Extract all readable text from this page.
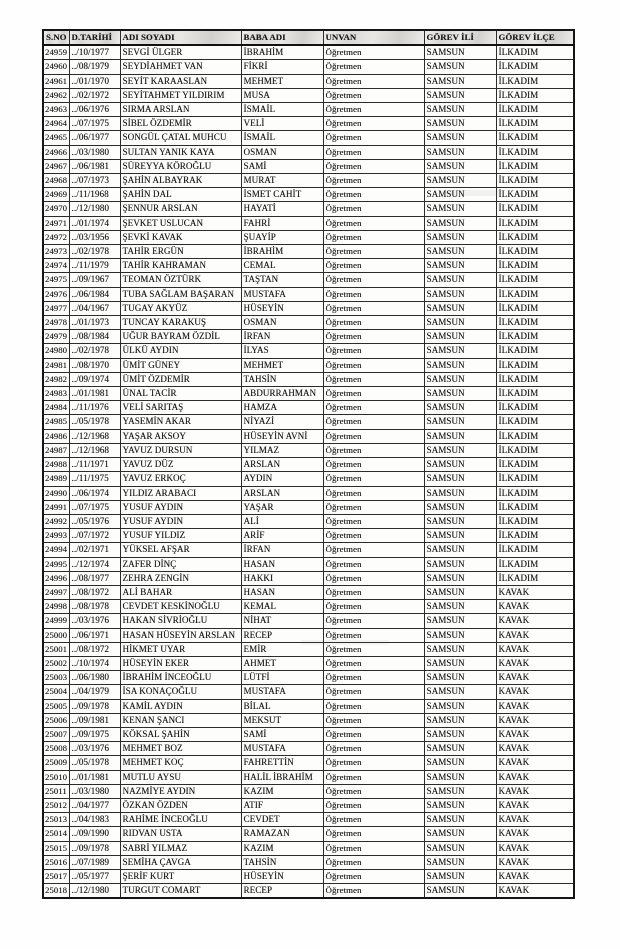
S.NO	D.TARİHİ	ADI SOYADI	BABA ADI	UNVAN	GÖREV İLİ	GÖREV İLÇE
24959	../10/1977	SEVGİ ÜLGER	İBRAHİM	Öğretmen	SAMSUN	İLKADIM
24960	../08/1979	SEYDİAHMET VAN	FİKRİ	Öğretmen	SAMSUN	İLKADIM
24961	../01/1970	SEYİT KARAASLAN	MEHMET	Öğretmen	SAMSUN	İLKADIM
24962	../02/1972	SEYİTAHMET YILDIRIM	MUSA	Öğretmen	SAMSUN	İLKADIM
24963	../06/1976	SIRMA ARSLAN	İSMAİL	Öğretmen	SAMSUN	İLKADIM
24964	../07/1975	SİBEL ÖZDEMİR	VELİ	Öğretmen	SAMSUN	İLKADIM
24965	../06/1977	SONGÜL ÇATAL MUHCU	İSMAİL	Öğretmen	SAMSUN	İLKADIM
24966	../03/1980	SULTAN YANIK KAYA	OSMAN	Öğretmen	SAMSUN	İLKADIM
24967	../06/1981	SÜREYYA KÖROĞLU	SAMİ	Öğretmen	SAMSUN	İLKADIM
24968	../07/1973	ŞAHİN ALBAYRAK	MURAT	Öğretmen	SAMSUN	İLKADIM
24969	../11/1968	ŞAHİN DAL	İSMET CAHİT	Öğretmen	SAMSUN	İLKADIM
24970	../12/1980	ŞENNUR ARSLAN	HAYATİ	Öğretmen	SAMSUN	İLKADIM
24971	../01/1974	ŞEVKET USLUCAN	FAHRİ	Öğretmen	SAMSUN	İLKADIM
24972	../03/1956	ŞEVKİ KAVAK	ŞUAYİP	Öğretmen	SAMSUN	İLKADIM
24973	../02/1978	TAHİR ERGÜN	İBRAHİM	Öğretmen	SAMSUN	İLKADIM
24974	../11/1979	TAHİR KAHRAMAN	CEMAL	Öğretmen	SAMSUN	İLKADIM
24975	../09/1967	TEOMAN ÖZTÜRK	TAŞTAN	Öğretmen	SAMSUN	İLKADIM
24976	../06/1984	TUBA SAĞLAM BAŞARAN	MUSTAFA	Öğretmen	SAMSUN	İLKADIM
24977	../04/1967	TUGAY AKYÜZ	HÜSEYİN	Öğretmen	SAMSUN	İLKADIM
24978	../01/1973	TUNCAY KARAKUŞ	OSMAN	Öğretmen	SAMSUN	İLKADIM
24979	../08/1984	UĞUR BAYRAM ÖZDİL	İRFAN	Öğretmen	SAMSUN	İLKADIM
24980	../02/1978	ÜLKÜ AYDIN	İLYAS	Öğretmen	SAMSUN	İLKADIM
24981	../08/1970	ÜMİT GÜNEY	MEHMET	Öğretmen	SAMSUN	İLKADIM
24982	../09/1974	ÜMİT ÖZDEMİR	TAHSİN	Öğretmen	SAMSUN	İLKADIM
24983	../01/1981	ÜNAL TACİR	ABDURRAHMAN	Öğretmen	SAMSUN	İLKADIM
24984	../11/1976	VELİ SARITAŞ	HAMZA	Öğretmen	SAMSUN	İLKADIM
24985	../05/1978	YASEMİN AKAR	NİYAZİ	Öğretmen	SAMSUN	İLKADIM
24986	../12/1968	YAŞAR AKSOY	HÜSEYİN AVNİ	Öğretmen	SAMSUN	İLKADIM
24987	../12/1968	YAVUZ DURSUN	YILMAZ	Öğretmen	SAMSUN	İLKADIM
24988	../11/1971	YAVUZ DÜZ	ARSLAN	Öğretmen	SAMSUN	İLKADIM
24989	../11/1975	YAVUZ ERKOÇ	AYDIN	Öğretmen	SAMSUN	İLKADIM
24990	../06/1974	YILDIZ ARABACI	ARSLAN	Öğretmen	SAMSUN	İLKADIM
24991	../07/1975	YUSUF AYDIN	YAŞAR	Öğretmen	SAMSUN	İLKADIM
24992	../05/1976	YUSUF AYDIN	ALİ	Öğretmen	SAMSUN	İLKADIM
24993	../07/1972	YUSUF YILDIZ	ARİF	Öğretmen	SAMSUN	İLKADIM
24994	../02/1971	YÜKSEL AFŞAR	İRFAN	Öğretmen	SAMSUN	İLKADIM
24995	../12/1974	ZAFER DİNÇ	HASAN	Öğretmen	SAMSUN	İLKADIM
24996	../08/1977	ZEHRA ZENGİN	HAKKI	Öğretmen	SAMSUN	İLKADIM
24997	../08/1972	ALİ BAHAR	HASAN	Öğretmen	SAMSUN	KAVAK
24998	../08/1978	CEVDET KESKİNOĞLU	KEMAL	Öğretmen	SAMSUN	KAVAK
24999	../03/1976	HAKAN SİVRİOĞLU	NİHAT	Öğretmen	SAMSUN	KAVAK
25000	../06/1971	HASAN HÜSEYİN ARSLAN	RECEP	Öğretmen	SAMSUN	KAVAK
25001	../08/1972	HİKMET UYAR	EMİR	Öğretmen	SAMSUN	KAVAK
25002	../10/1974	HÜSEYİN EKER	AHMET	Öğretmen	SAMSUN	KAVAK
25003	../06/1980	İBRAHİM İNCEOĞLU	LÜTFİ	Öğretmen	SAMSUN	KAVAK
25004	../04/1979	İSA KONAÇOĞLU	MUSTAFA	Öğretmen	SAMSUN	KAVAK
25005	../09/1978	KAMİL AYDIN	BİLAL	Öğretmen	SAMSUN	KAVAK
25006	../09/1981	KENAN ŞANCI	MEKSUT	Öğretmen	SAMSUN	KAVAK
25007	../09/1975	KÖKSAL ŞAHİN	SAMİ	Öğretmen	SAMSUN	KAVAK
25008	../03/1976	MEHMET BOZ	MUSTAFA	Öğretmen	SAMSUN	KAVAK
25009	../05/1978	MEHMET KOÇ	FAHRETTİN	Öğretmen	SAMSUN	KAVAK
25010	../01/1981	MUTLU AYSU	HALİL İBRAHİM	Öğretmen	SAMSUN	KAVAK
25011	../03/1980	NAZMİYE AYDIN	KAZIM	Öğretmen	SAMSUN	KAVAK
25012	../04/1977	ÖZKAN ÖZDEN	ATIF	Öğretmen	SAMSUN	KAVAK
25013	../04/1983	RAHİME İNCEOĞLU	CEVDET	Öğretmen	SAMSUN	KAVAK
25014	../09/1990	RIDVAN USTA	RAMAZAN	Öğretmen	SAMSUN	KAVAK
25015	../09/1978	SABRİ YILMAZ	KAZIM	Öğretmen	SAMSUN	KAVAK
25016	../07/1989	SEMİHA ÇAVGA	TAHSİN	Öğretmen	SAMSUN	KAVAK
25017	../05/1977	ŞERİF KURT	HÜSEYİN	Öğretmen	SAMSUN	KAVAK
25018	../12/1980	TURGUT COMART	RECEP	Öğretmen	SAMSUN	KAVAK
